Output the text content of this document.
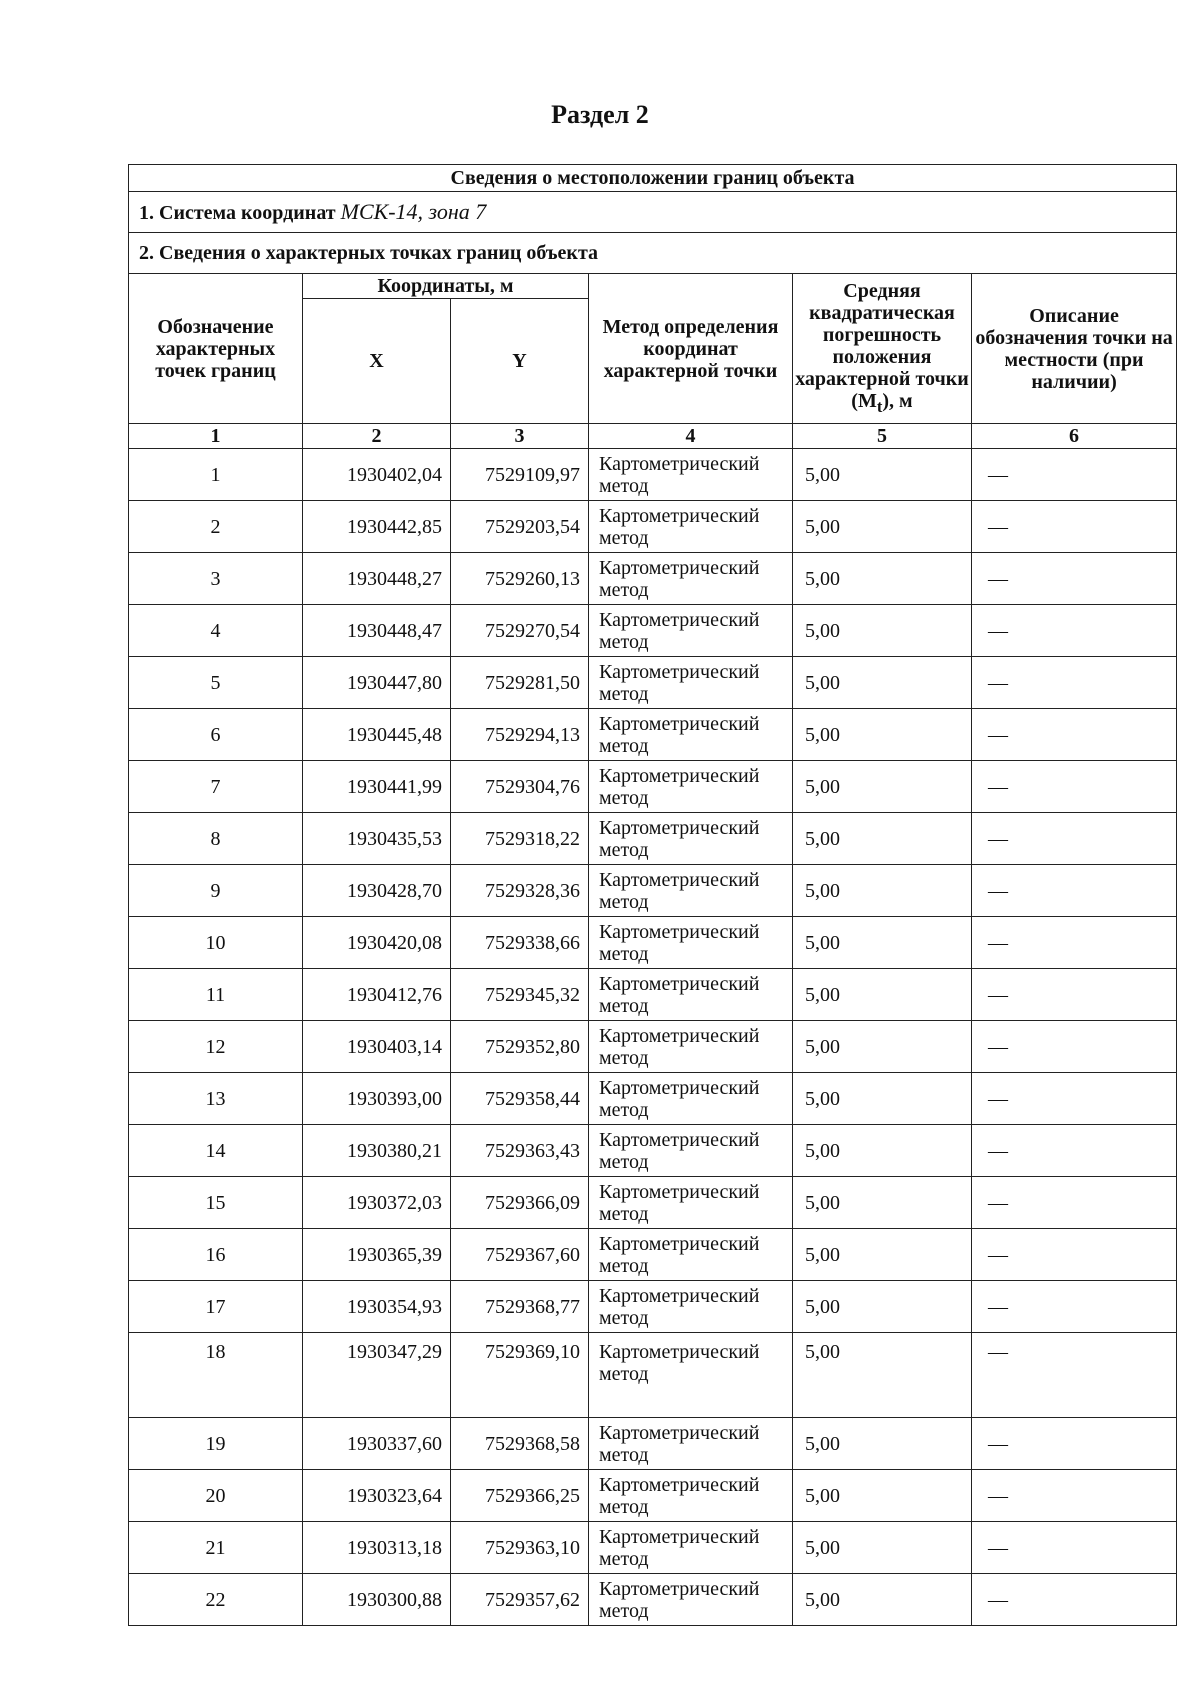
Раздел 2
Сведения о местоположении границ объекта					
1. Система координат МСК-14, зона 7					
2. Сведения о характерных точках границ объекта					
Обозначение характерных точек границ	Координаты, м		Метод определения координат характерной точки	Средняя квадратическая погрешность положения характерной точки $(M_t)$, м	Описание обозначения точки на местности (при наличии)
	X	Y			
1	2	3	4	5	6
1	1930402,04	7529109,97	Картометрический метод	5,00	—
2	1930442,85	7529203,54	Картометрический метод	5,00	—
3	1930448,27	7529260,13	Картометрический метод	5,00	—
4	1930448,47	7529270,54	Картометрический метод	5,00	—
5	1930447,80	7529281,50	Картометрический метод	5,00	—
6	1930445,48	7529294,13	Картометрический метод	5,00	—
7	1930441,99	7529304,76	Картометрический метод	5,00	—
8	1930435,53	7529318,22	Картометрический метод	5,00	—
9	1930428,70	7529328,36	Картометрический метод	5,00	—
10	1930420,08	7529338,66	Картометрический метод	5,00	—
11	1930412,76	7529345,32	Картометрический метод	5,00	—
12	1930403,14	7529352,80	Картометрический метод	5,00	—
13	1930393,00	7529358,44	Картометрический метод	5,00	—
14	1930380,21	7529363,43	Картометрический метод	5,00	—
15	1930372,03	7529366,09	Картометрический метод	5,00	—
16	1930365,39	7529367,60	Картометрический метод	5,00	—
17	1930354,93	7529368,77	Картометрический метод	5,00	—
18	1930347,29	7529369,10	Картометрический метод	5,00	—
19	1930337,60	7529368,58	Картометрический метод	5,00	—
20	1930323,64	7529366,25	Картометрический метод	5,00	—
21	1930313,18	7529363,10	Картометрический метод	5,00	—
22	1930300,88	7529357,62	Картометрический метод	5,00	—
